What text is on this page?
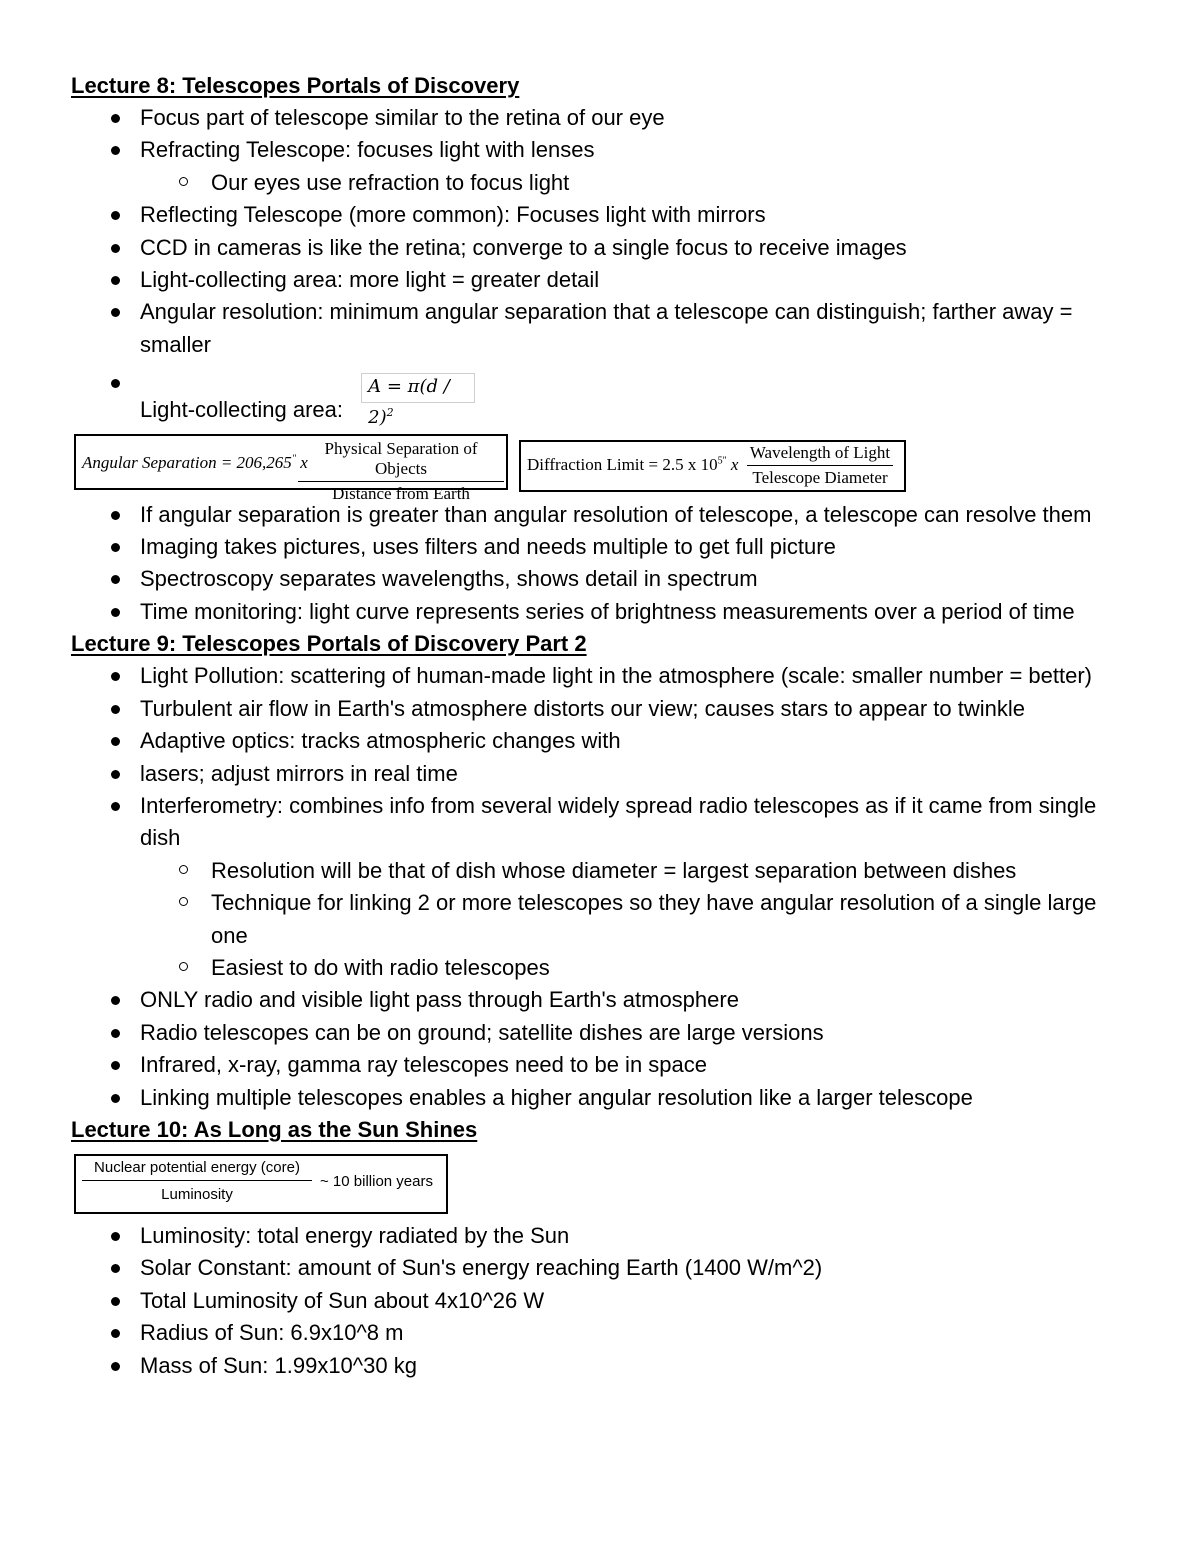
Lecture 8: Telescopes Portals of Discovery
Focus part of telescope similar to the retina of our eye
Refracting Telescope: focuses light with lenses
Our eyes use refraction to focus light
Reflecting Telescope (more common): Focuses light with mirrors
CCD in cameras is like the retina; converge to a single focus to receive images
Light-collecting area: more light = greater detail
Angular resolution: minimum angular separation that a telescope can distinguish; farther away = smaller
Light-collecting area: A = π(d / 2)$^2$
Angular Separation = 206,265" x
Physical Separation of Objects
Distance from Earth
Diffraction Limit = 2.5 x $10^{5"}$ x
Wavelength of Light
Telescope Diameter
If angular separation is greater than angular resolution of telescope, a telescope can resolve them
Imaging takes pictures, uses filters and needs multiple to get full picture
Spectroscopy separates wavelengths, shows detail in spectrum
Time monitoring: light curve represents series of brightness measurements over a period of time
Lecture 9: Telescopes Portals of Discovery Part 2
Light Pollution: scattering of human-made light in the atmosphere (scale: smaller number = better)
Turbulent air flow in Earth's atmosphere distorts our view; causes stars to appear to twinkle
Adaptive optics: tracks atmospheric changes with
lasers; adjust mirrors in real time
Interferometry: combines info from several widely spread radio telescopes as if it came from single dish
Resolution will be that of dish whose diameter = largest separation between dishes
Technique for linking 2 or more telescopes so they have angular resolution of a single large one
Easiest to do with radio telescopes
ONLY radio and visible light pass through Earth's atmosphere
Radio telescopes can be on ground; satellite dishes are large versions
Infrared, x-ray, gamma ray telescopes need to be in space
Linking multiple telescopes enables a higher angular resolution like a larger telescope
Lecture 10: As Long as the Sun Shines
Nuclear potential energy (core)
Luminosity
~ 10 billion years
Luminosity: total energy radiated by the Sun
Solar Constant: amount of Sun's energy reaching Earth (1400 W/m^2)
Total Luminosity of Sun about 4x10^26 W
Radius of Sun: 6.9x10^8 m
Mass of Sun: 1.99x10^30 kg
